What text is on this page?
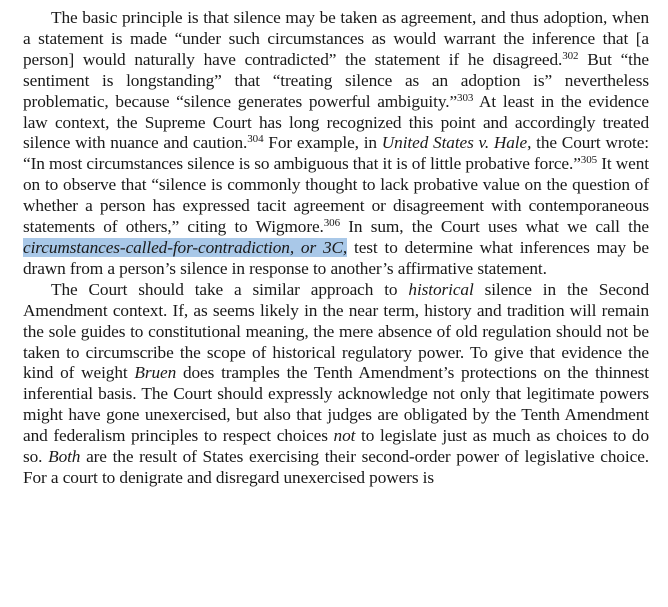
The basic principle is that silence may be taken as agreement, and thus adoption, when a statement is made “under such circumstances as would warrant the inference that [a person] would naturally have contradicted” the statement if he disagreed.$^{302}$ But “the sentiment is longstanding” that “treating silence as an adoption is” nevertheless problematic, because “silence generates powerful ambiguity.”$^{303}$ At least in the evidence law context, the Supreme Court has long recognized this point and accordingly treated silence with nuance and caution.$^{304}$ For example, in United States v. Hale, the Court wrote: “In most circumstances silence is so ambiguous that it is of little probative force.”$^{305}$ It went on to observe that “silence is commonly thought to lack probative value on the question of whether a person has expressed tacit agreement or disagreement with contemporaneous statements of others,” citing to Wigmore.$^{306}$ In sum, the Court uses what we call the circumstances-called-for-contradiction, or 3C, test to determine what inferences may be drawn from a person’s silence in response to another’s affirmative statement.

The Court should take a similar approach to historical silence in the Second Amendment context. If, as seems likely in the near term, history and tradition will remain the sole guides to constitutional meaning, the mere absence of old regulation should not be taken to circumscribe the scope of historical regulatory power. To give that evidence the kind of weight Bruen does tramples the Tenth Amendment’s protections on the thinnest inferential basis. The Court should expressly acknowledge not only that legitimate powers might have gone unexercised, but also that judges are obligated by the Tenth Amendment and federalism principles to respect choices not to legislate just as much as choices to do so. Both are the result of States exercising their second-order power of legislative choice. For a court to denigrate and disregard unexercised powers is
